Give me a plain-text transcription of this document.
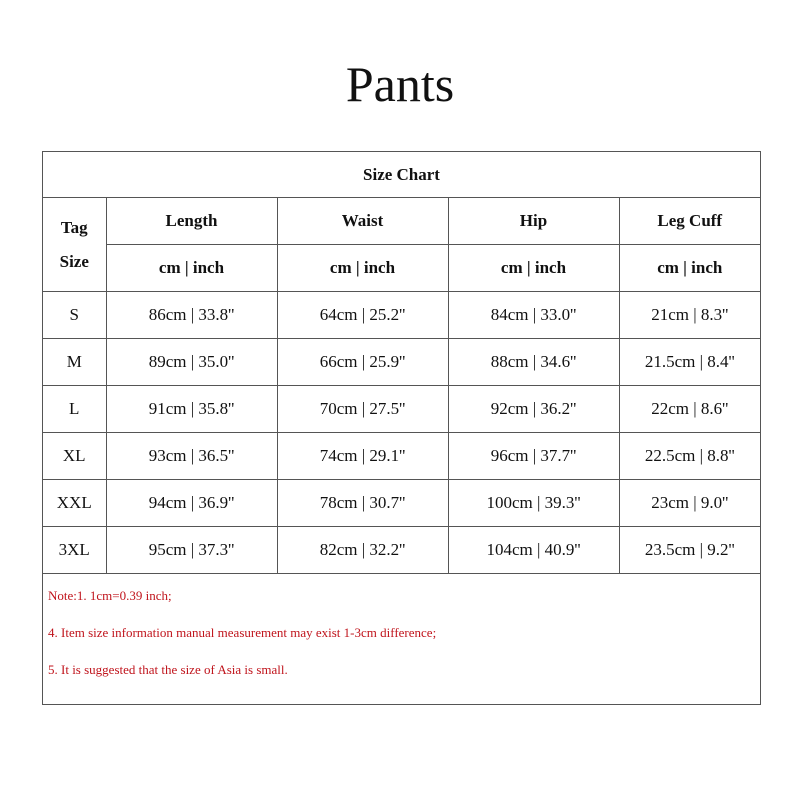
Pants
Size Chart				

Tag
Size	Length	Waist	Hip	Leg Cuff
	cm | inch	cm | inch	cm | inch	cm | inch
S	86cm | 33.8''	64cm | 25.2''	84cm | 33.0''	21cm | 8.3''
M	89cm | 35.0''	66cm | 25.9''	88cm | 34.6''	21.5cm | 8.4''
L	91cm | 35.8''	70cm | 27.5''	92cm | 36.2''	22cm | 8.6''
XL	93cm | 36.5''	74cm | 29.1''	96cm | 37.7''	22.5cm | 8.8''
XXL	94cm | 36.9''	78cm | 30.7''	100cm | 39.3''	23cm | 9.0''
3XL	95cm | 37.3''	82cm | 32.2''	104cm | 40.9''	23.5cm | 9.2''
Note:1. 1cm=0.39 inch;
4. Item size information manual measurement may exist 1-3cm difference;
5. It is suggested that the size of Asia is small.
